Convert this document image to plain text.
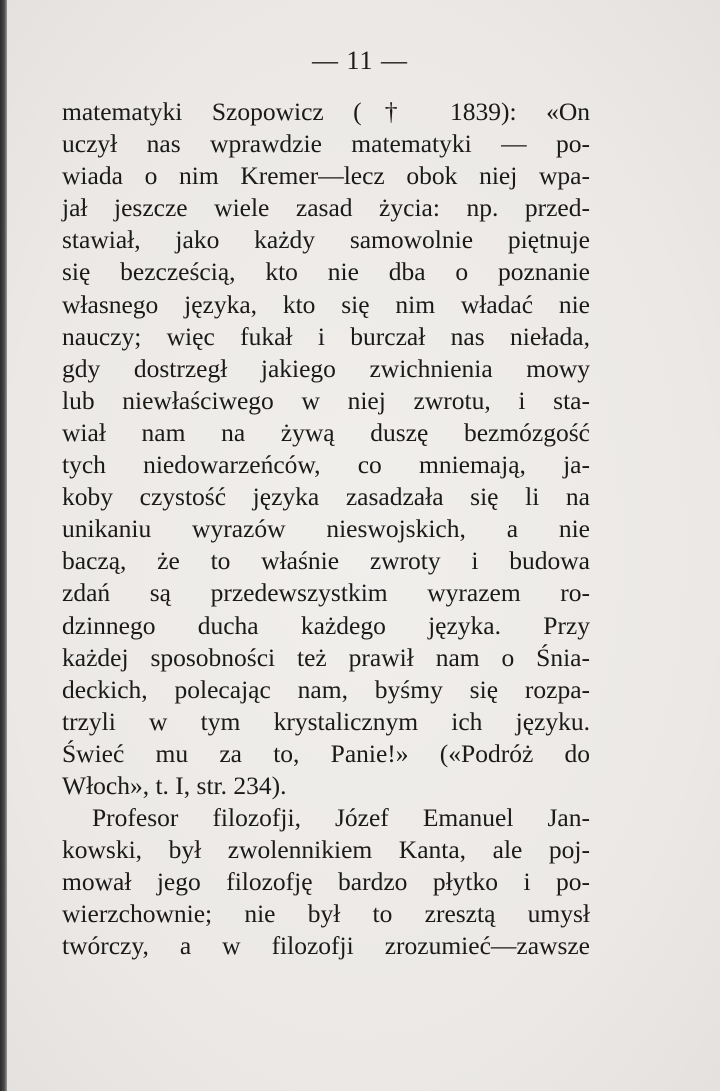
— 11 —
matematyki Szopowicz († 1839): «On
uczył nas wprawdzie matematyki — po-
wiada o nim Kremer—lecz obok niej wpa-
jał jeszcze wiele zasad życia: np. przed-
stawiał, jako każdy samowolnie piętnuje
się bezcześcią, kto nie dba o poznanie
własnego języka, kto się nim władać nie
nauczy; więc fukał i burczał nas niełada,
gdy dostrzegł jakiego zwichnienia mowy
lub niewłaściwego w niej zwrotu, i sta-
wiał nam na żywą duszę bezmózgość
tych niedowarzeńców, co mniemają, ja-
koby czystość języka zasadzała się li na
unikaniu wyrazów nieswojskich, a nie
baczą, że to właśnie zwroty i budowa
zdań są przedewszystkim wyrazem ro-
dzinnego ducha każdego języka. Przy
każdej sposobności też prawił nam o Śnia-
deckich, polecając nam, byśmy się rozpa-
trzyli w tym krystalicznym ich języku.
Świeć mu za to, Panie!» («Podróż do
Włoch», t. I, str. 234).
Profesor filozofji, Józef Emanuel Jan-
kowski, był zwolennikiem Kanta, ale poj-
mował jego filozofję bardzo płytko i po-
wierzchownie; nie był to zresztą umysł
twórczy, a w filozofji zrozumieć—zawsze
